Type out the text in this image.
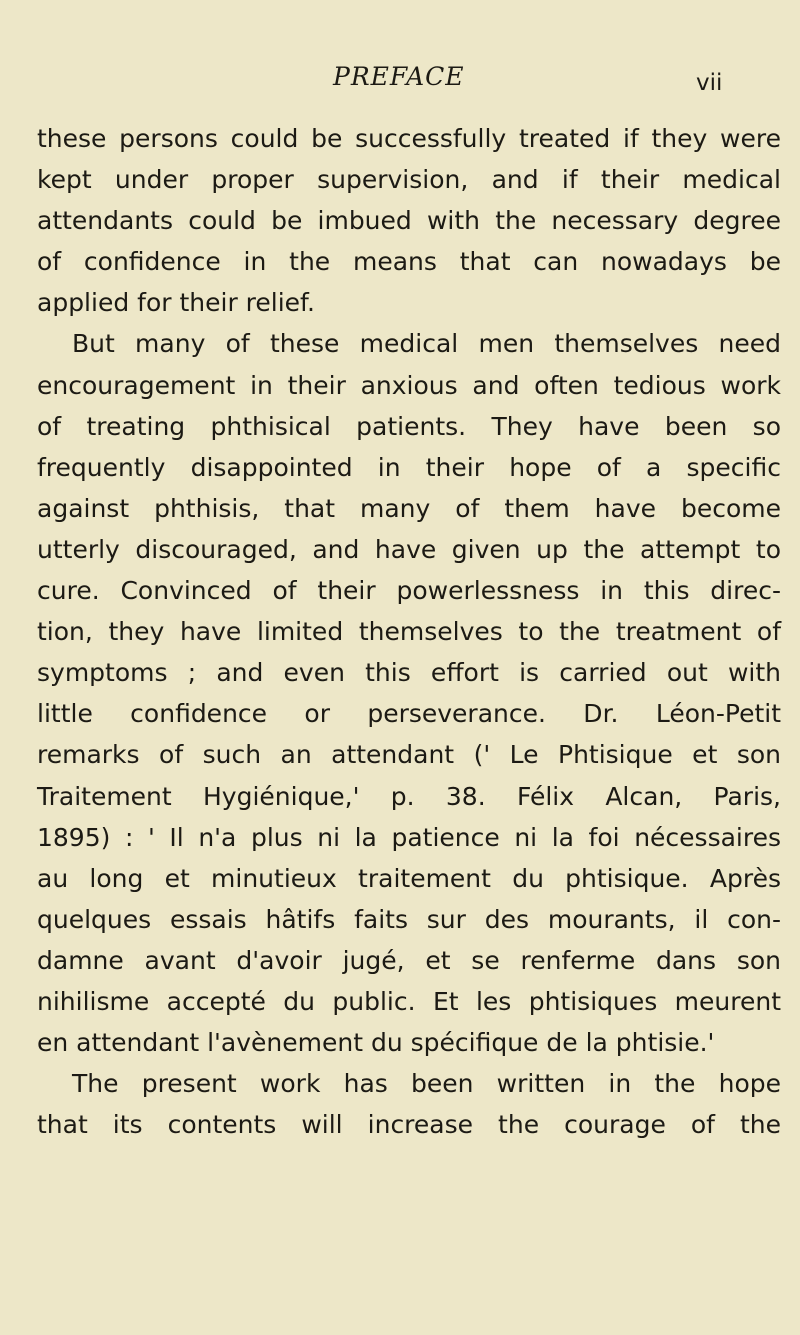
PREFACE	vii
these persons could be successfully treated if they were
kept under proper supervision, and if their medical
attendants could be imbued with the necessary degree
of confidence in the means that can nowadays be
applied for their relief.
But many of these medical men themselves need
encouragement in their anxious and often tedious work
of treating phthisical patients. They have been so
frequently disappointed in their hope of a specific
against phthisis, that many of them have become
utterly discouraged, and have given up the attempt to
cure. Convinced of their powerlessness in this direc-
tion, they have limited themselves to the treatment of
symptoms ; and even this effort is carried out with
little confidence or perseverance. Dr. Léon-Petit
remarks of such an attendant (' Le Phtisique et son
Traitement Hygiénique,' p. 38. Félix Alcan, Paris,
1895) : ' Il n'a plus ni la patience ni la foi nécessaires
au long et minutieux traitement du phtisique. Après
quelques essais hâtifs faits sur des mourants, il con-
damne avant d'avoir jugé, et se renferme dans son
nihilisme accepté du public. Et les phtisiques meurent
en attendant l'avènement du spécifique de la phtisie.'
The present work has been written in the hope
that its contents will increase the courage of the
